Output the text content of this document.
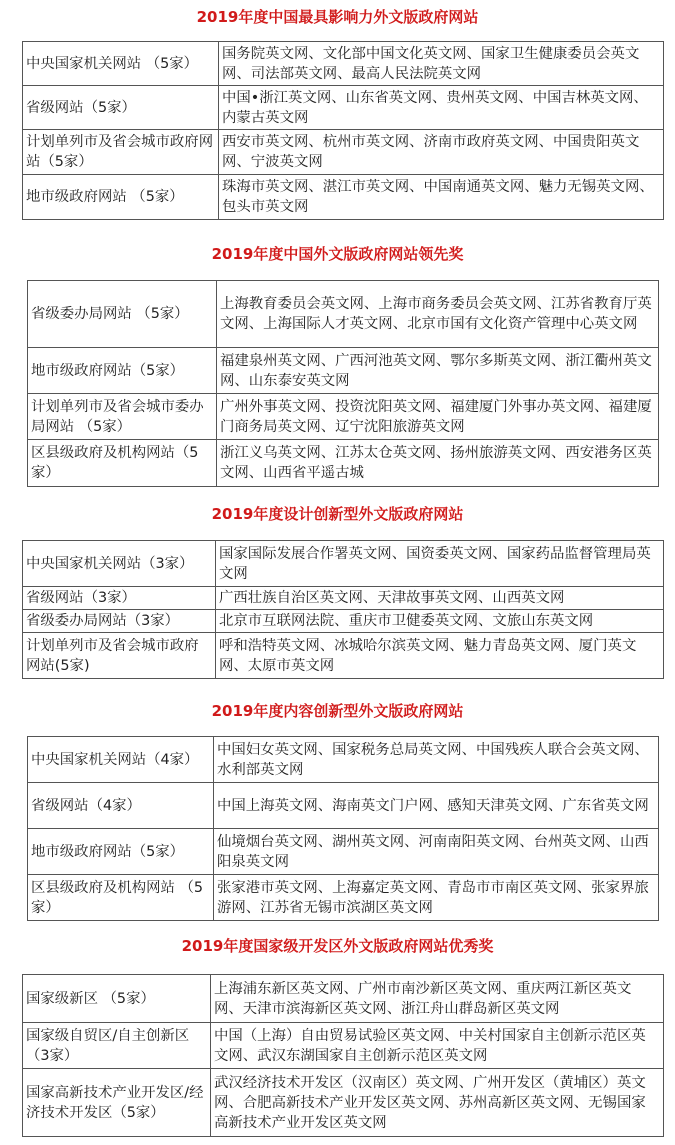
2019年度中国最具影响力外文版政府网站
中央国家机关网站 （5家）	国务院英文网、文化部中国文化英文网、国家卫生健康委员会英文网、司法部英文网、最高人民法院英文网
省级网站（5家）	中国•浙江英文网、山东省英文网、贵州英文网、中国吉林英文网、内蒙古英文网
计划单列市及省会城市政府网站（5家）	西安市英文网、杭州市英文网、济南市政府英文网、中国贵阳英文网、宁波英文网
地市级政府网站 （5家）	珠海市英文网、湛江市英文网、中国南通英文网、魅力无锡英文网、包头市英文网
2019年度中国外文版政府网站领先奖
省级委办局网站 （5家）	上海教育委员会英文网、上海市商务委员会英文网、江苏省教育厅英文网、上海国际人才英文网、北京市国有文化资产管理中心英文网
地市级政府网站（5家）	福建泉州英文网、广西河池英文网、鄂尔多斯英文网、浙江衢州英文网、山东泰安英文网
计划单列市及省会城市委办局网站 （5家）	广州外事英文网、投资沈阳英文网、福建厦门外事办英文网、福建厦门商务局英文网、辽宁沈阳旅游英文网
区县级政府及机构网站（5家）	浙江义乌英文网、江苏太仓英文网、扬州旅游英文网、西安港务区英文网、山西省平遥古城
2019年度设计创新型外文版政府网站
中央国家机关网站（3家）	国家国际发展合作署英文网、国资委英文网、国家药品监督管理局英文网
省级网站（3家）	广西壮族自治区英文网、天津故事英文网、山西英文网
省级委办局网站（3家）	北京市互联网法院、重庆市卫健委英文网、文旅山东英文网
计划单列市及省会城市政府网站(5家)	呼和浩特英文网、冰城哈尔滨英文网、魅力青岛英文网、厦门英文网、太原市英文网
2019年度内容创新型外文版政府网站
中央国家机关网站（4家）	中国妇女英文网、国家税务总局英文网、中国残疾人联合会英文网、水利部英文网
省级网站（4家）	中国上海英文网、海南英文门户网、感知天津英文网、广东省英文网
地市级政府网站（5家）	仙境烟台英文网、湖州英文网、河南南阳英文网、台州英文网、山西阳泉英文网
区县级政府及机构网站 （5家）	张家港市英文网、上海嘉定英文网、青岛市市南区英文网、张家界旅游网、江苏省无锡市滨湖区英文网
2019年度国家级开发区外文版政府网站优秀奖
国家级新区 （5家）	上海浦东新区英文网、广州市南沙新区英文网、重庆两江新区英文网、天津市滨海新区英文网、浙江舟山群岛新区英文网
国家级自贸区/自主创新区（3家）	中国（上海）自由贸易试验区英文网、中关村国家自主创新示范区英文网、武汉东湖国家自主创新示范区英文网
国家高新技术产业开发区/经济技术开发区（5家）	武汉经济技术开发区（汉南区）英文网、广州开发区（黄埔区）英文网、合肥高新技术产业开发区英文网、苏州高新区英文网、无锡国家高新技术产业开发区英文网
